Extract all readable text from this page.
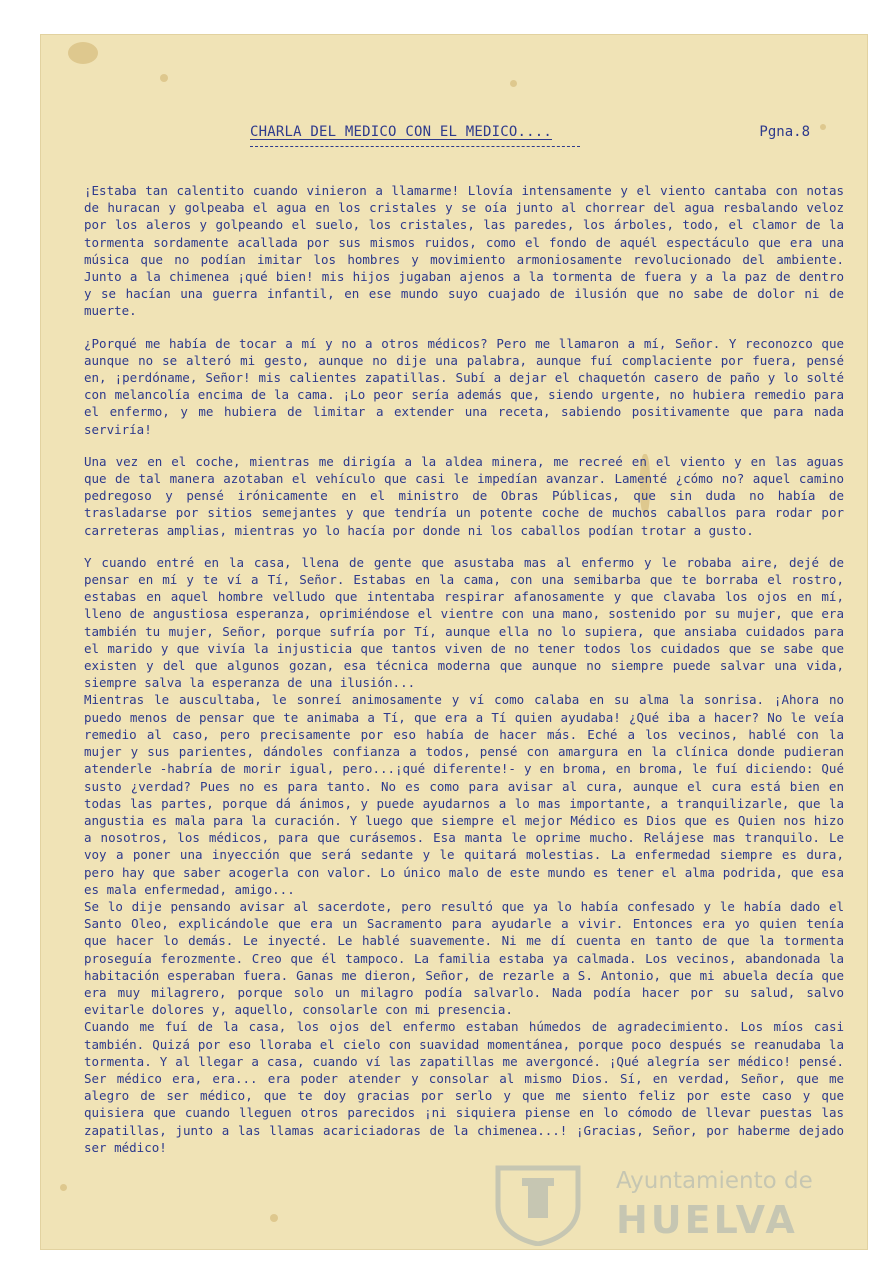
CHARLA DEL MEDICO CON EL MEDICO....	Pgna.8

¡Estaba tan calentito cuando vinieron a llamarme! Llovía intensamente y el viento cantaba con notas de huracan y golpeaba el agua en los cristales y se oía junto al chorrear del agua resbalando veloz por los aleros y golpeando el suelo, los cristales, las paredes, los árboles, todo, el clamor de la tormenta sordamente acallada por sus mismos ruidos, como el fondo de aquél espectáculo que era una música que no podían imitar los hombres y movimiento armoniosamente revolucionado del ambiente. Junto a la chimenea ¡qué bien! mis hijos jugaban ajenos a la tormenta de fuera y a la paz de dentro y se hacían una guerra infantil, en ese mundo suyo cuajado de ilusión que no sabe de dolor ni de muerte.

¿Porqué me había de tocar a mí y no a otros médicos? Pero me llamaron a mí, Señor. Y reconozco que aunque no se alteró mi gesto, aunque no dije una palabra, aunque fuí complaciente por fuera, pensé en, ¡perdóname, Señor! mis calientes zapatillas. Subí a dejar el chaquetón casero de paño y lo solté con melancolía encima de la cama. ¡Lo peor sería además que, siendo urgente, no hubiera remedio para el enfermo, y me hubiera de limitar a extender una receta, sabiendo positivamente que para nada serviría!

Una vez en el coche, mientras me dirigía a la aldea minera, me recreé en el viento y en las aguas que de tal manera azotaban el vehículo que casi le impedían avanzar. Lamenté ¿cómo no? aquel camino pedregoso y pensé irónicamente en el ministro de Obras Públicas, que sin duda no había de trasladarse por sitios semejantes y que tendría un potente coche de muchos caballos para rodar por carreteras amplias, mientras yo lo hacía por donde ni los caballos podían trotar a gusto.

Y cuando entré en la casa, llena de gente que asustaba mas al enfermo y le robaba aire, dejé de pensar en mí y te ví a Tí, Señor. Estabas en la cama, con una semibarba que te borraba el rostro, estabas en aquel hombre velludo que intentaba respirar afanosamente y que clavaba los ojos en mí, lleno de angustiosa esperanza, oprimiéndose el vientre con una mano, sostenido por su mujer, que era también tu mujer, Señor, porque sufría por Tí, aunque ella no lo supiera, que ansiaba cuidados para el marido y que vivía la injusticia que tantos viven de no tener todos los cuidados que se sabe que existen y del que algunos gozan, esa técnica moderna que aunque no siempre puede salvar una vida, siempre salva la esperanza de una ilusión...

Mientras le auscultaba, le sonreí animosamente y ví como calaba en su alma la sonrisa. ¡Ahora no puedo menos de pensar que te animaba a Tí, que era a Tí quien ayudaba! ¿Qué iba a hacer? No le veía remedio al caso, pero precisamente por eso había de hacer más. Eché a los vecinos, hablé con la mujer y sus parientes, dándoles confianza a todos, pensé con amargura en la clínica donde pudieran atenderle -habría de morir igual, pero...¡qué diferente!- y en broma, en broma, le fuí diciendo: Qué susto ¿verdad? Pues no es para tanto. No es como para avisar al cura, aunque el cura está bien en todas las partes, porque dá ánimos, y puede ayudarnos a lo mas importante, a tranquilizarle, que la angustia es mala para la curación. Y luego que siempre el mejor Médico es Dios que es Quien nos hizo a nosotros, los médicos, para que curásemos. Esa manta le oprime mucho. Relájese mas tranquilo. Le voy a poner una inyección que será sedante y le quitará molestias. La enfermedad siempre es dura, pero hay que saber acogerla con valor. Lo único malo de este mundo es tener el alma podrida, que esa es mala enfermedad, amigo...

Se lo dije pensando avisar al sacerdote, pero resultó que ya lo había confesado y le había dado el Santo Oleo, explicándole que era un Sacramento para ayudarle a vivir. Entonces era yo quien tenía que hacer lo demás. Le inyecté. Le hablé suavemente. Ni me dí cuenta en tanto de que la tormenta proseguía ferozmente. Creo que él tampoco. La familia estaba ya calmada. Los vecinos, abandonada la habitación esperaban fuera. Ganas me dieron, Señor, de rezarle a S. Antonio, que mi abuela decía que era muy milagrero, porque solo un milagro podía salvarlo. Nada podía hacer por su salud, salvo evitarle dolores y, aquello, consolarle con mi presencia.

Cuando me fuí de la casa, los ojos del enfermo estaban húmedos de agradecimiento. Los míos casi también. Quizá por eso lloraba el cielo con suavidad momentánea, porque poco después se reanudaba la tormenta. Y al llegar a casa, cuando ví las zapatillas me avergoncé. ¡Qué alegría ser médico! pensé. Ser médico era, era... era poder atender y consolar al mismo Dios. Sí, en verdad, Señor, que me alegro de ser médico, que te doy gracias por serlo y que me siento feliz por este caso y que quisiera que cuando lleguen otros parecidos ¡ni siquiera piense en lo cómodo de llevar puestas las zapatillas, junto a las llamas acariciadoras de la chimenea...! ¡Gracias, Señor, por haberme dejado ser médico!

Ayuntamiento de
HUELVA
